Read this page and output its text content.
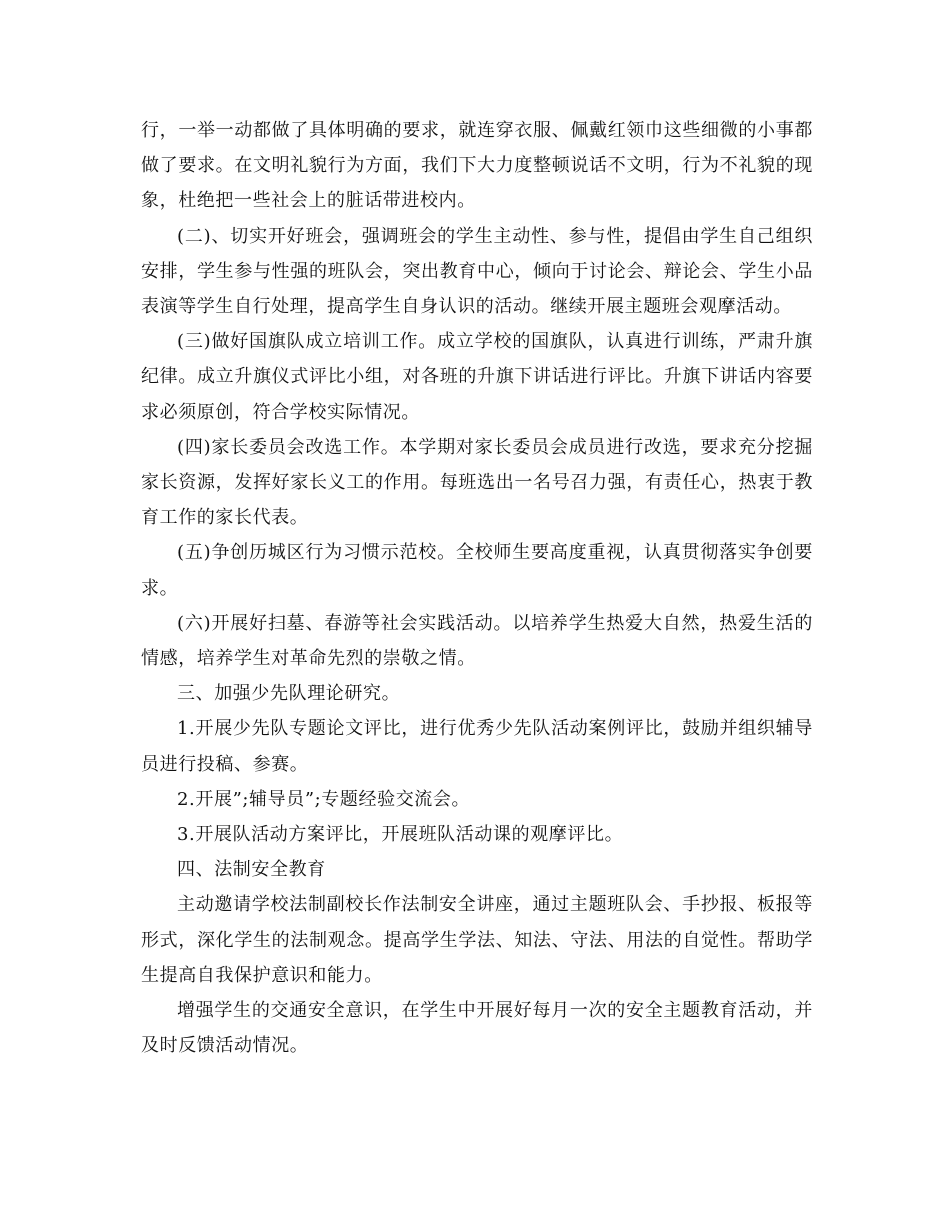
行，一举一动都做了具体明确的要求，就连穿衣服、佩戴红领巾这些细微的小事都做了要求。在文明礼貌行为方面，我们下大力度整顿说话不文明，行为不礼貌的现象，杜绝把一些社会上的脏话带进校内。

(二)、切实开好班会，强调班会的学生主动性、参与性，提倡由学生自己组织安排，学生参与性强的班队会，突出教育中心，倾向于讨论会、辩论会、学生小品表演等学生自行处理，提高学生自身认识的活动。继续开展主题班会观摩活动。

(三)做好国旗队成立培训工作。成立学校的国旗队，认真进行训练，严肃升旗纪律。成立升旗仪式评比小组，对各班的升旗下讲话进行评比。升旗下讲话内容要求必须原创，符合学校实际情况。

(四)家长委员会改选工作。本学期对家长委员会成员进行改选，要求充分挖掘家长资源，发挥好家长义工的作用。每班选出一名号召力强，有责任心，热衷于教育工作的家长代表。

(五)争创历城区行为习惯示范校。全校师生要高度重视，认真贯彻落实争创要求。

(六)开展好扫墓、春游等社会实践活动。以培养学生热爱大自然，热爱生活的情感，培养学生对革命先烈的崇敬之情。

三、加强少先队理论研究。

1.开展少先队专题论文评比，进行优秀少先队活动案例评比，鼓励并组织辅导员进行投稿、参赛。

2.开展”;辅导员”;专题经验交流会。

3.开展队活动方案评比，开展班队活动课的观摩评比。

四、法制安全教育

主动邀请学校法制副校长作法制安全讲座，通过主题班队会、手抄报、板报等形式，深化学生的法制观念。提高学生学法、知法、守法、用法的自觉性。帮助学生提高自我保护意识和能力。

增强学生的交通安全意识，在学生中开展好每月一次的安全主题教育活动，并及时反馈活动情况。
